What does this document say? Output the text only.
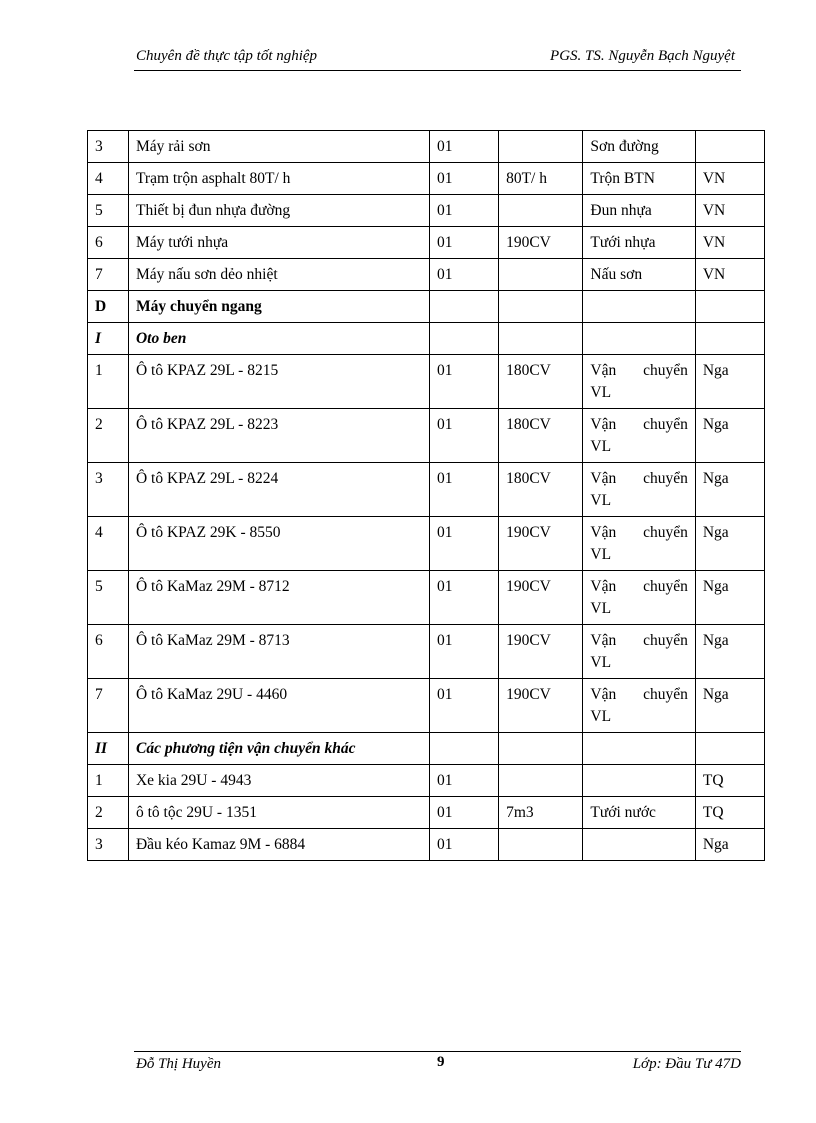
Chuyên đề thực tập tốt nghiệp	PGS. TS. Nguyễn Bạch Nguyệt
3	Máy rải sơn	01		Sơn đường	
4	Trạm trộn asphalt 80T/ h	01	80T/ h	Trộn BTN	VN
5	Thiết bị đun nhựa đường	01		Đun nhựa	VN
6	Máy tưới nhựa	01	190CV	Tưới nhựa	VN
7	Máy nấu sơn dẻo nhiệt	01		Nấu sơn	VN
D	Máy chuyển ngang				
I	Oto ben				
1	Ô tô KPAZ 29L - 8215	01	180CV	Vận chuyển VL	Nga
2	Ô tô KPAZ 29L - 8223	01	180CV	Vận chuyển VL	Nga
3	Ô tô KPAZ 29L - 8224	01	180CV	Vận chuyển VL	Nga
4	Ô tô KPAZ 29K - 8550	01	190CV	Vận chuyển VL	Nga
5	Ô tô KaMaz 29M - 8712	01	190CV	Vận chuyển VL	Nga
6	Ô tô KaMaz 29M - 8713	01	190CV	Vận chuyển VL	Nga
7	Ô tô KaMaz 29U - 4460	01	190CV	Vận chuyển VL	Nga
II	Các phương tiện vận chuyển khác				
1	Xe kia 29U - 4943	01			TQ
2	ô tô tộc 29U - 1351	01	7m3	Tưới nước	TQ
3	Đầu kéo Kamaz 9M - 6884	01			Nga
Đỗ Thị Huyền	9	Lớp: Đầu Tư 47D
